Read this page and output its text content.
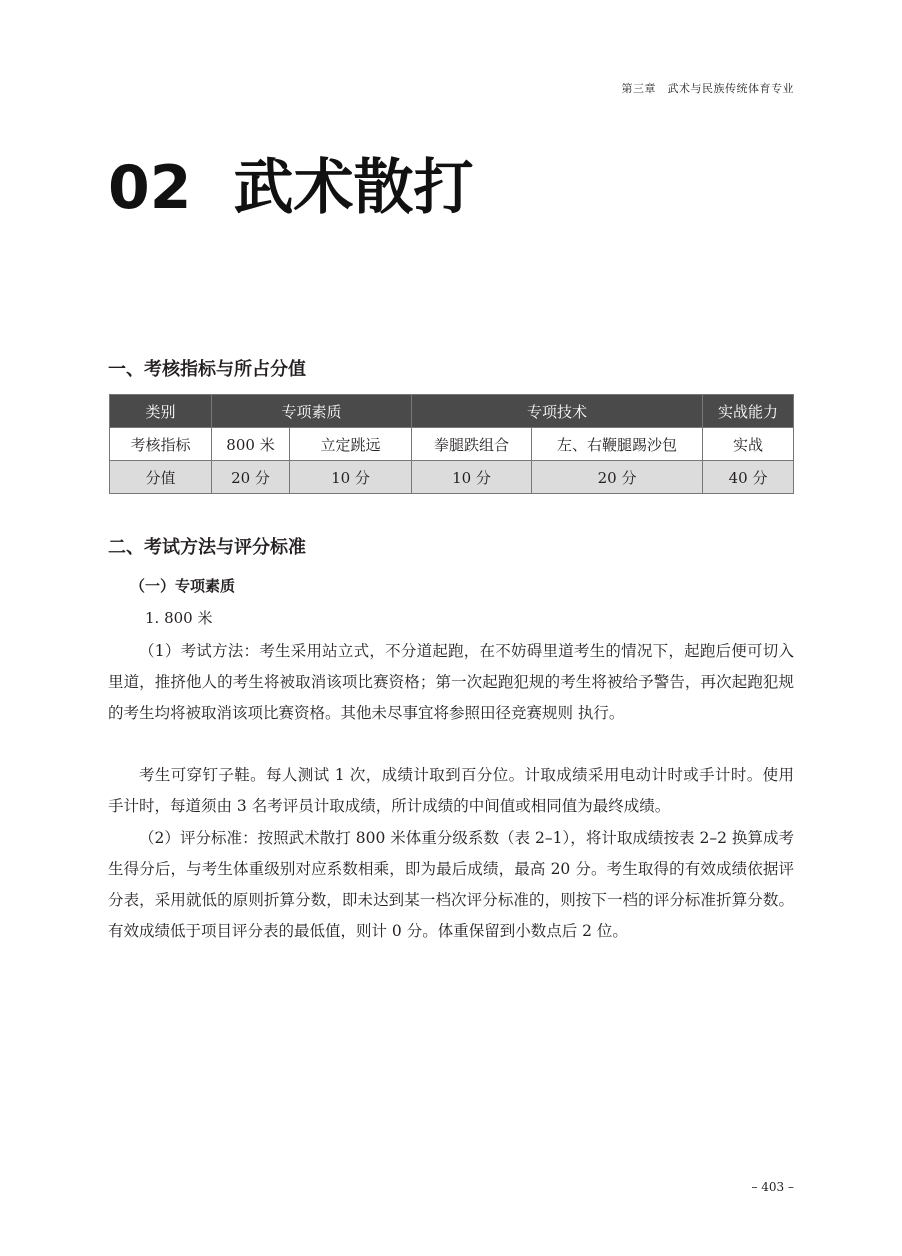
第三章　武术与民族传统体育专业
02 武术散打
一、考核指标与所占分值
类别	专项素质		专项技术		实战能力
考核指标	800 米	立定跳远	拳腿跌组合	左、右鞭腿踢沙包	实战
分值	20 分	10 分	10 分	20 分	40 分
二、考试方法与评分标准
（一）专项素质
1. 800 米

（1）考试方法：考生采用站立式，不分道起跑，在不妨碍里道考生的情况下，起跑后便可切入里道，推挤他人的考生将被取消该项比赛资格；第一次起跑犯规的考生将被给予警告，再次起跑犯规的考生均将被取消该项比赛资格。其他未尽事宜将参照田径竞赛规则 执行。

考生可穿钉子鞋。每人测试 1 次，成绩计取到百分位。计取成绩采用电动计时或手计时。使用手计时，每道须由 3 名考评员计取成绩，所计成绩的中间值或相同值为最终成绩。

（2）评分标准：按照武术散打 800 米体重分级系数（表 2–1），将计取成绩按表 2–2 换算成考生得分后，与考生体重级别对应系数相乘，即为最后成绩，最高 20 分。考生取得的有效成绩依据评分表，采用就低的原则折算分数，即未达到某一档次评分标准的，则按下一档的评分标准折算分数。有效成绩低于项目评分表的最低值，则计 0 分。体重保留到小数点后 2 位。

– 403 –
